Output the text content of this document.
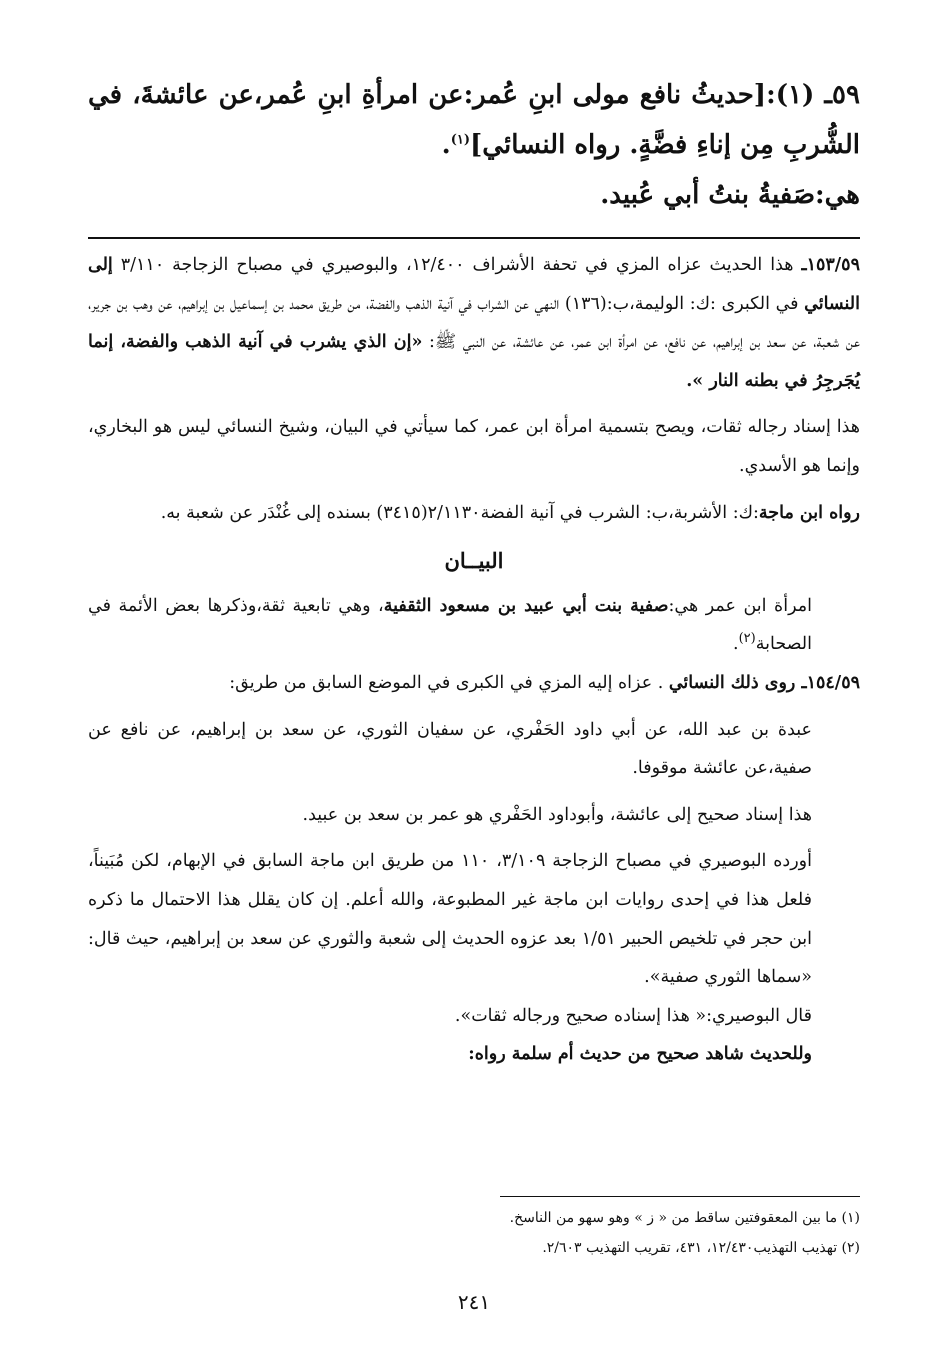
٥٩ـ (١):[حديثُ نافع مولى ابنِ عُمر:عن امرأةِ ابنِ عُمر،عن عائشةَ، في الشُّربِ مِن إناءِ فضَّةٍ. رواه النسائي]$^{(١)}$.
هي:صَفيةُ بنتُ أبي عُبيد.

١٥٣/٥٩ـ هذا الحديث عزاه المزي في تحفة الأشراف ١٢/٤٠٠، والبوصيري في مصباح الزجاجة ٣/١١٠ إلى النسائي في الكبرى :ك: الوليمة،ب:(١٣٦) النهي عن الشراب في آنية الذهب والفضة، من طريق محمد بن إسماعيل بن إبراهيم، عن وهب بن جرير، عن شعبة، عن سعد بن إبراهيم، عن نافع، عن امرأة ابن عمر، عن عائشة، عن النبي ﷺ: «إن الذي يشرب في آنية الذهب والفضة، إنما يُجَرجِرُ في بطنه النار ».

هذا إسناد رجاله ثقات، ويصح بتسمية امرأة ابن عمر، كما سيأتي في البيان، وشيخ النسائي ليس هو البخاري، وإنما هو الأسدي.

رواه ابن ماجة:ك: الأشربة،ب: الشرب في آنية الفضة٢/١١٣٠(٣٤١٥) بسنده إلى غُنْدَر عن شعبة به.

البيــان

امرأة ابن عمر هي:صفية بنت أبي عبيد بن مسعود الثقفية، وهي تابعية ثقة،وذكرها بعض الأئمة في الصحابة$^{(٢)}$.

١٥٤/٥٩ـ روى ذلك النسائي . عزاه إليه المزي في الكبرى في الموضع السابق من طريق:

عبدة بن عبد الله، عن أبي داود الحَفْري، عن سفيان الثوري، عن سعد بن إبراهيم، عن نافع عن صفية،عن عائشة موقوفا.

هذا إسناد صحيح إلى عائشة، وأبوداود الحَفْري هو عمر بن سعد بن عبيد.

أورده البوصيري في مصباح الزجاجة ٣/١٠٩، ١١٠ من طريق ابن ماجة السابق في الإبهام، لكن مُبَيناً، فلعل هذا في إحدى روايات ابن ماجة غير المطبوعة، والله أعلم. إن كان يقلل هذا الاحتمال ما ذكره ابن حجر في تلخيص الحبير ١/٥١ بعد عزوه الحديث إلى شعبة والثوري عن سعد بن إبراهيم، حيث قال: «سماها الثوري صفية».

قال البوصيري:« هذا إسناده صحيح ورجاله ثقات».

وللحديث شاهد صحيح من حديث أم سلمة رواه:

(١) ما بين المعقوفتين ساقط من « ز » وهو سهو من الناسخ.
(٢) تهذيب التهذيب١٢/٤٣٠، ٤٣١، تقريب التهذيب ٢/٦٠٣.
٢٤١
